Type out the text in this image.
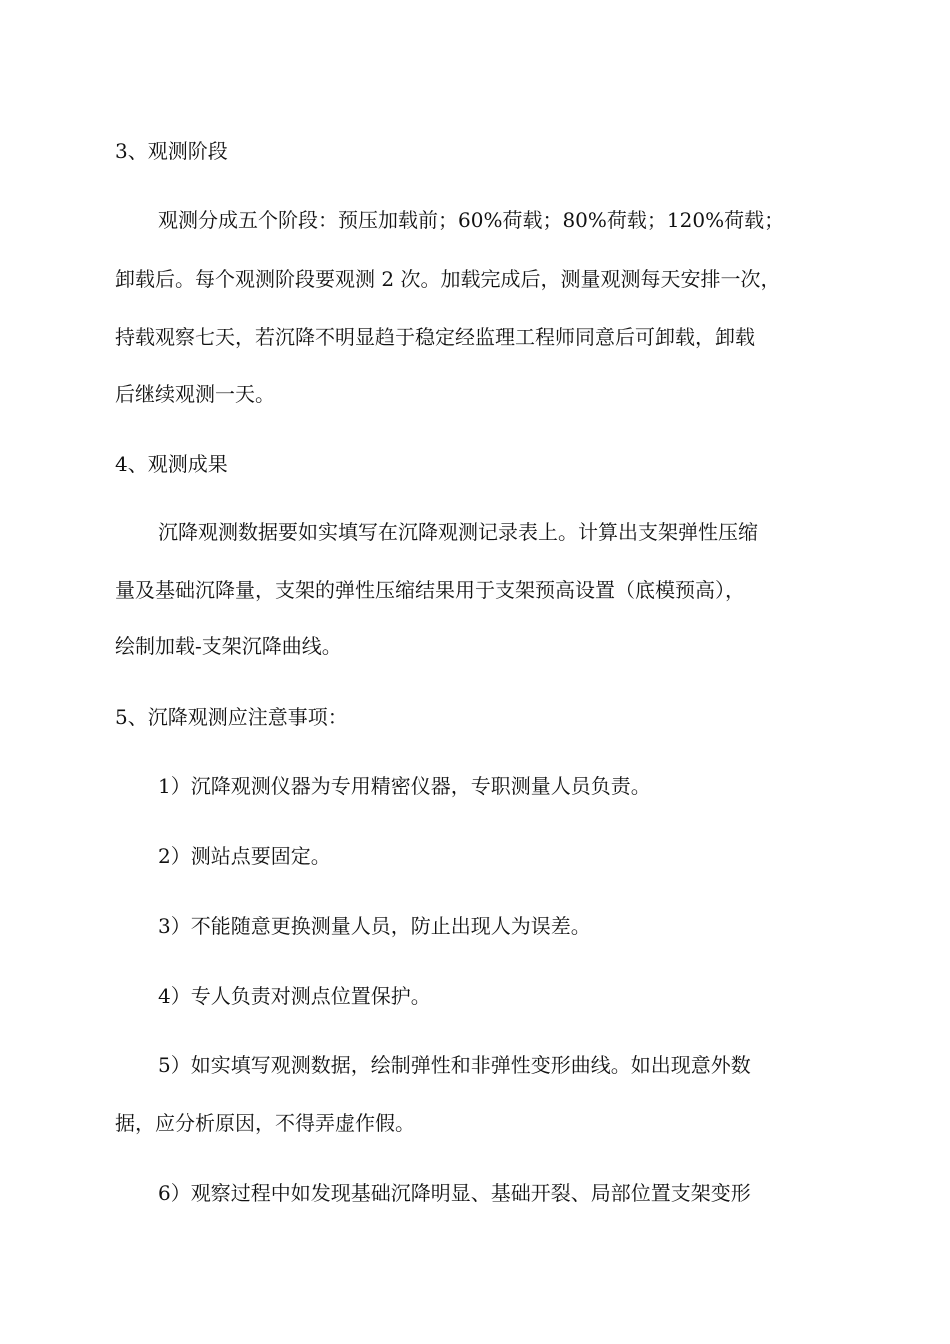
3、观测阶段
观测分成五个阶段：预压加载前；60%荷载；80%荷载；120%荷载；
卸载后。每个观测阶段要观测 2 次。加载完成后，测量观测每天安排一次，
持载观察七天，若沉降不明显趋于稳定经监理工程师同意后可卸载，卸载
后继续观测一天。
4、观测成果
沉降观测数据要如实填写在沉降观测记录表上。计算出支架弹性压缩
量及基础沉降量，支架的弹性压缩结果用于支架预高设置（底模预高），
绘制加载-支架沉降曲线。
5、沉降观测应注意事项：
1）沉降观测仪器为专用精密仪器，专职测量人员负责。
2）测站点要固定。
3）不能随意更换测量人员，防止出现人为误差。
4）专人负责对测点位置保护。
5）如实填写观测数据，绘制弹性和非弹性变形曲线。如出现意外数
据，应分析原因，不得弄虚作假。
6）观察过程中如发现基础沉降明显、基础开裂、局部位置支架变形
